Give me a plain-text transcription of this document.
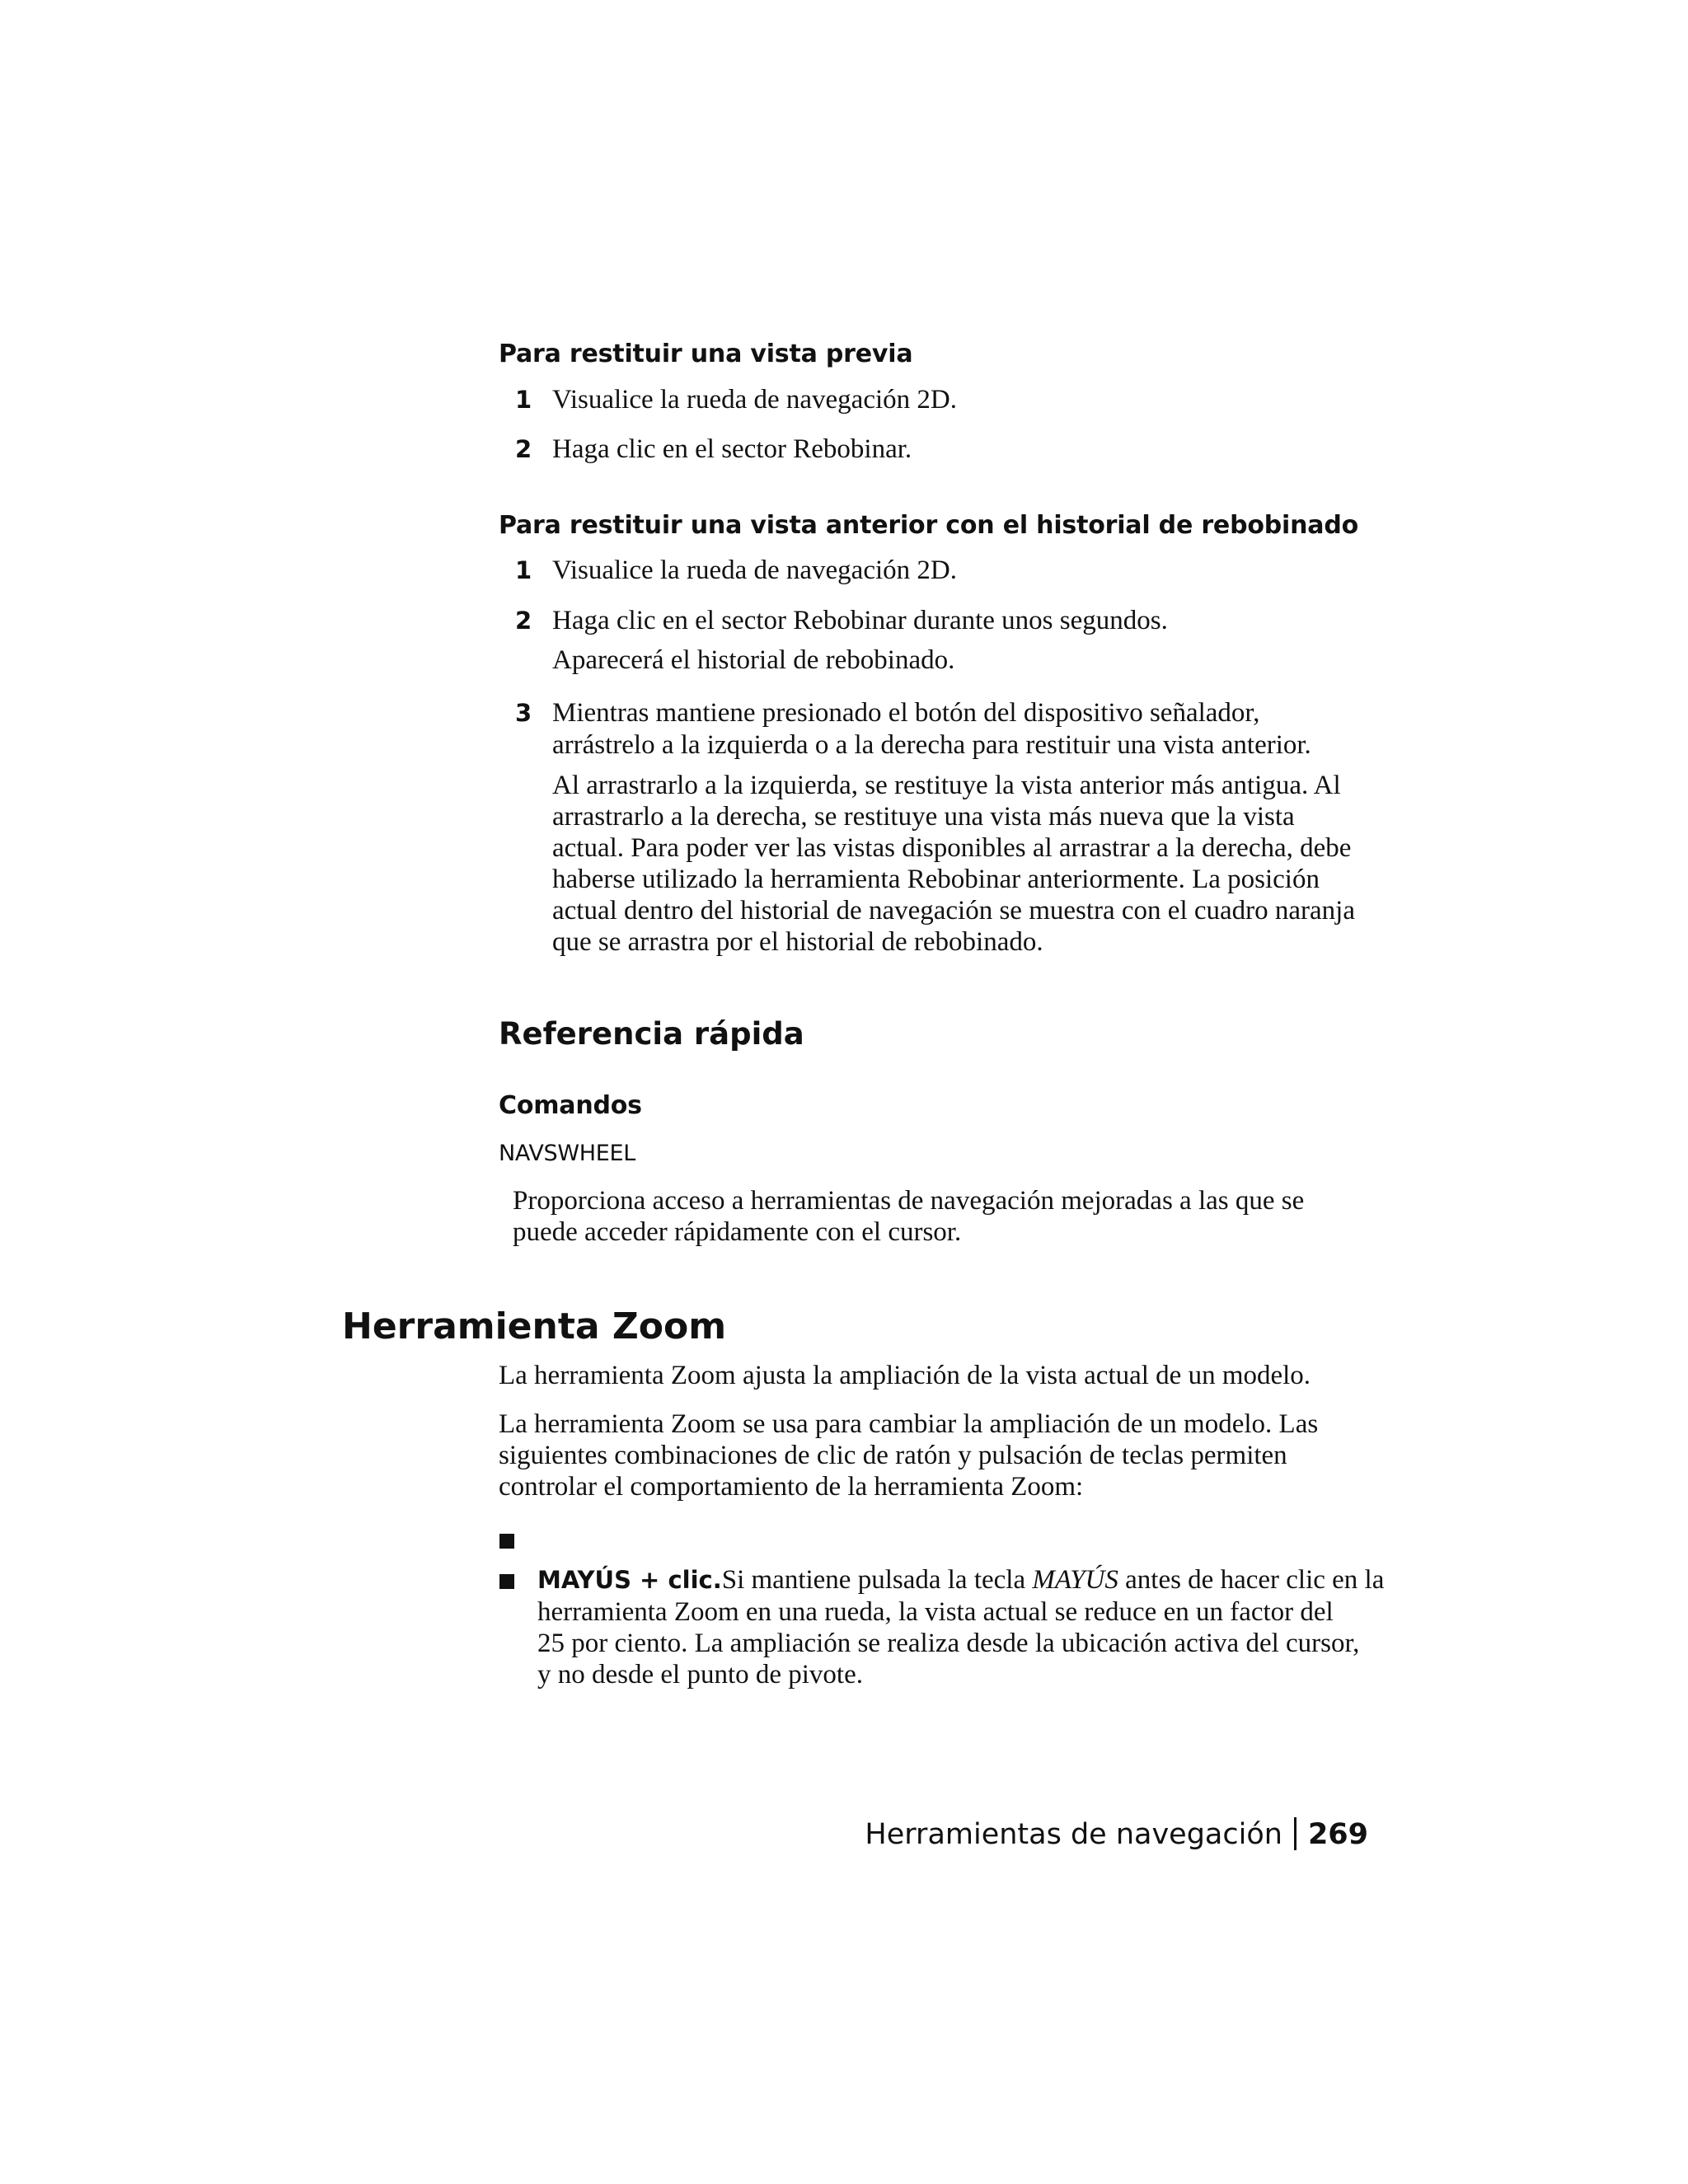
Para restituir una vista previa
1 Visualice la rueda de navegación 2D.
2 Haga clic en el sector Rebobinar.
Para restituir una vista anterior con el historial de rebobinado
1 Visualice la rueda de navegación 2D.
2 Haga clic en el sector Rebobinar durante unos segundos.
Aparecerá el historial de rebobinado.
3 Mientras mantiene presionado el botón del dispositivo señalador,
arrástrelo a la izquierda o a la derecha para restituir una vista anterior.
Al arrastrarlo a la izquierda, se restituye la vista anterior más antigua. Al
arrastrarlo a la derecha, se restituye una vista más nueva que la vista
actual. Para poder ver las vistas disponibles al arrastrar a la derecha, debe
haberse utilizado la herramienta Rebobinar anteriormente. La posición
actual dentro del historial de navegación se muestra con el cuadro naranja
que se arrastra por el historial de rebobinado.
Referencia rápida
Comandos
NAVSWHEEL
Proporciona acceso a herramientas de navegación mejoradas a las que se
puede acceder rápidamente con el cursor.
Herramienta Zoom
La herramienta Zoom ajusta la ampliación de la vista actual de un modelo.
La herramienta Zoom se usa para cambiar la ampliación de un modelo. Las
siguientes combinaciones de clic de ratón y pulsación de teclas permiten
controlar el comportamiento de la herramienta Zoom:
MAYÚS + clic.Si mantiene pulsada la tecla MAYÚS antes de hacer clic en la
herramienta Zoom en una rueda, la vista actual se reduce en un factor del
25 por ciento. La ampliación se realiza desde la ubicación activa del cursor,
y no desde el punto de pivote.
Herramientas de navegación 269
